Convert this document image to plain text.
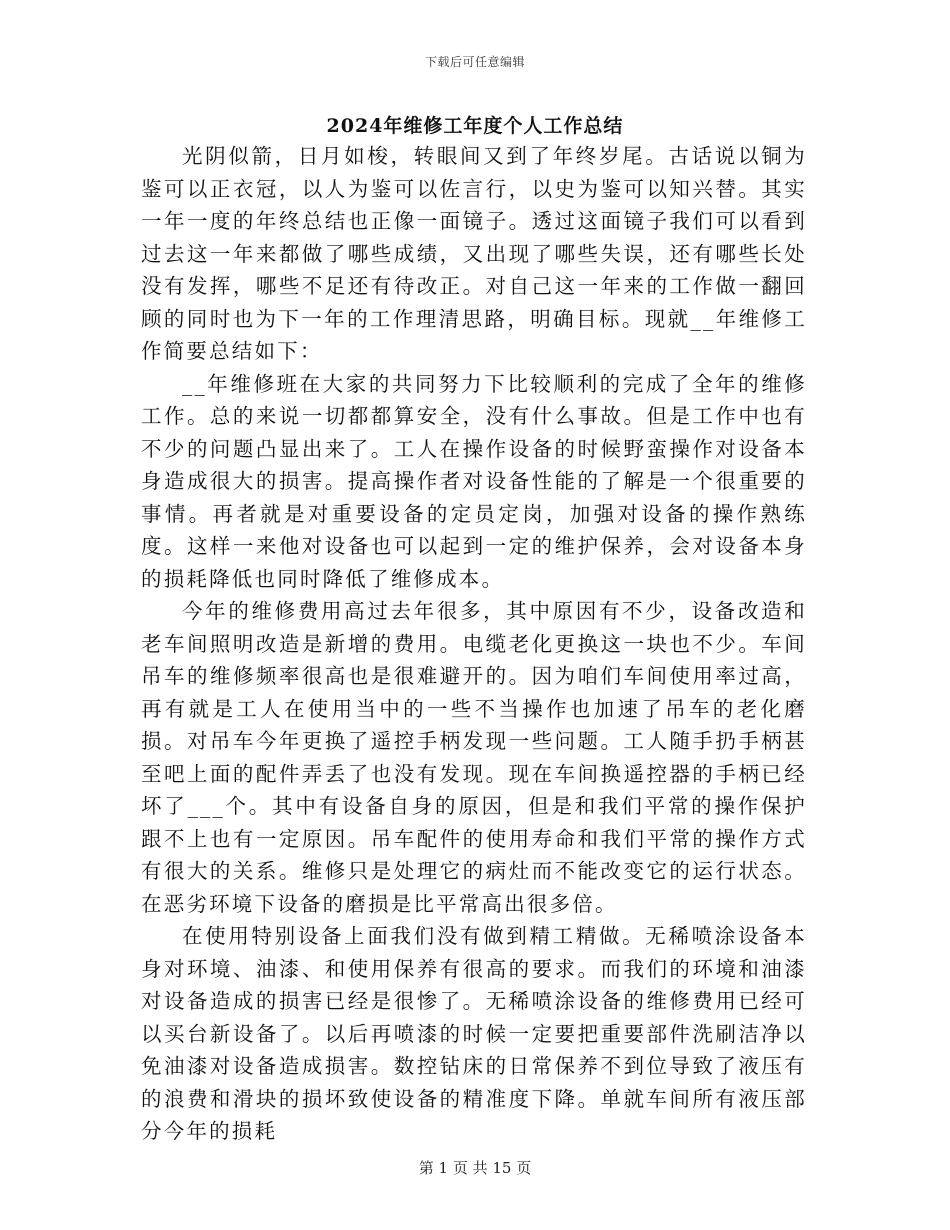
下载后可任意编辑
2024年维修工年度个人工作总结

光阴似箭，日月如梭，转眼间又到了年终岁尾。古话说以铜为鉴可以正衣冠，以人为鉴可以佐言行，以史为鉴可以知兴替。其实一年一度的年终总结也正像一面镜子。透过这面镜子我们可以看到过去这一年来都做了哪些成绩，又出现了哪些失误，还有哪些长处没有发挥，哪些不足还有待改正。对自己这一年来的工作做一翻回顾的同时也为下一年的工作理清思路，明确目标。现就__年维修工作简要总结如下：

__年维修班在大家的共同努力下比较顺利的完成了全年的维修工作。总的来说一切都都算安全，没有什么事故。但是工作中也有不少的问题凸显出来了。工人在操作设备的时候野蛮操作对设备本身造成很大的损害。提高操作者对设备性能的了解是一个很重要的事情。再者就是对重要设备的定员定岗，加强对设备的操作熟练度。这样一来他对设备也可以起到一定的维护保养，会对设备本身的损耗降低也同时降低了维修成本。

今年的维修费用高过去年很多，其中原因有不少，设备改造和老车间照明改造是新增的费用。电缆老化更换这一块也不少。车间吊车的维修频率很高也是很难避开的。因为咱们车间使用率过高，再有就是工人在使用当中的一些不当操作也加速了吊车的老化磨损。对吊车今年更换了遥控手柄发现一些问题。工人随手扔手柄甚至吧上面的配件弄丢了也没有发现。现在车间换遥控器的手柄已经坏了___个。其中有设备自身的原因，但是和我们平常的操作保护跟不上也有一定原因。吊车配件的使用寿命和我们平常的操作方式有很大的关系。维修只是处理它的病灶而不能改变它的运行状态。在恶劣环境下设备的磨损是比平常高出很多倍。

在使用特别设备上面我们没有做到精工精做。无稀喷涂设备本身对环境、油漆、和使用保养有很高的要求。而我们的环境和油漆对设备造成的损害已经是很惨了。无稀喷涂设备的维修费用已经可以买台新设备了。以后再喷漆的时候一定要把重要部件洗刷洁净以免油漆对设备造成损害。数控钻床的日常保养不到位导致了液压有的浪费和滑块的损坏致使设备的精准度下降。单就车间所有液压部分今年的损耗

第 1 页 共 15 页
